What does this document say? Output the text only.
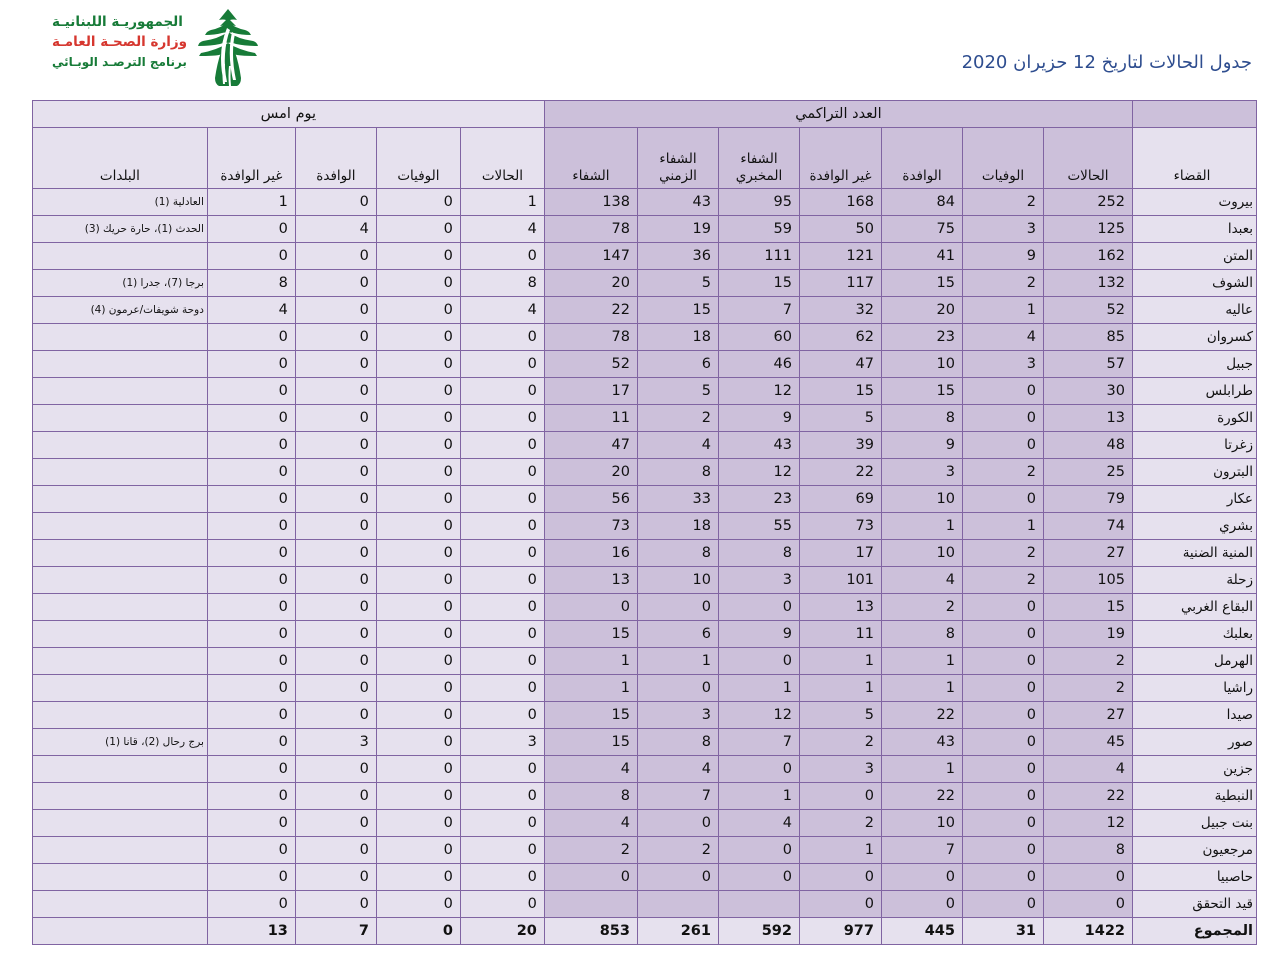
الجمهوريـة اللبنانيـة
وزارة الصحـة العامـة
برنامج الترصـد الوبـائي	جدول الحالات لتاريخ 12 حزيران 2020
	العدد التراكمي							يوم امس				
القضاء	الحالات	الوفيات	الوافدة	غير الوافدة	الشفاء المخبري	الشفاء الزمني	الشفاء	الحالات	الوفيات	الوافدة	غير الوافدة	البلدات
بيروت	252	2	84	168	95	43	138	1	0	0	1	العادلية (1)
بعبدا	125	3	75	50	59	19	78	4	0	4	0	الحدث (1)، حارة حريك (3)
المتن	162	9	41	121	111	36	147	0	0	0	0	
الشوف	132	2	15	117	15	5	20	8	0	0	8	برجا (7)، جدرا (1)
عاليه	52	1	20	32	7	15	22	4	0	0	4	دوحة شويفات/عرمون (4)
كسروان	85	4	23	62	60	18	78	0	0	0	0	
جبيل	57	3	10	47	46	6	52	0	0	0	0	
طرابلس	30	0	15	15	12	5	17	0	0	0	0	
الكورة	13	0	8	5	9	2	11	0	0	0	0	
زغرتا	48	0	9	39	43	4	47	0	0	0	0	
البترون	25	2	3	22	12	8	20	0	0	0	0	
عكار	79	0	10	69	23	33	56	0	0	0	0	
بشري	74	1	1	73	55	18	73	0	0	0	0	
المنية الضنية	27	2	10	17	8	8	16	0	0	0	0	
زحلة	105	2	4	101	3	10	13	0	0	0	0	
البقاع الغربي	15	0	2	13	0	0	0	0	0	0	0	
بعلبك	19	0	8	11	9	6	15	0	0	0	0	
الهرمل	2	0	1	1	0	1	1	0	0	0	0	
راشيا	2	0	1	1	1	0	1	0	0	0	0	
صيدا	27	0	22	5	12	3	15	0	0	0	0	
صور	45	0	43	2	7	8	15	3	0	3	0	برج رحال (2)، قانا (1)
جزين	4	0	1	3	0	4	4	0	0	0	0	
النبطية	22	0	22	0	1	7	8	0	0	0	0	
بنت جبيل	12	0	10	2	4	0	4	0	0	0	0	
مرجعيون	8	0	7	1	0	2	2	0	0	0	0	
حاصبيا	0	0	0	0	0	0	0	0	0	0	0	
قيد التحقق	0	0	0	0				0	0	0	0	
المجموع	1422	31	445	977	592	261	853	20	0	7	13	
